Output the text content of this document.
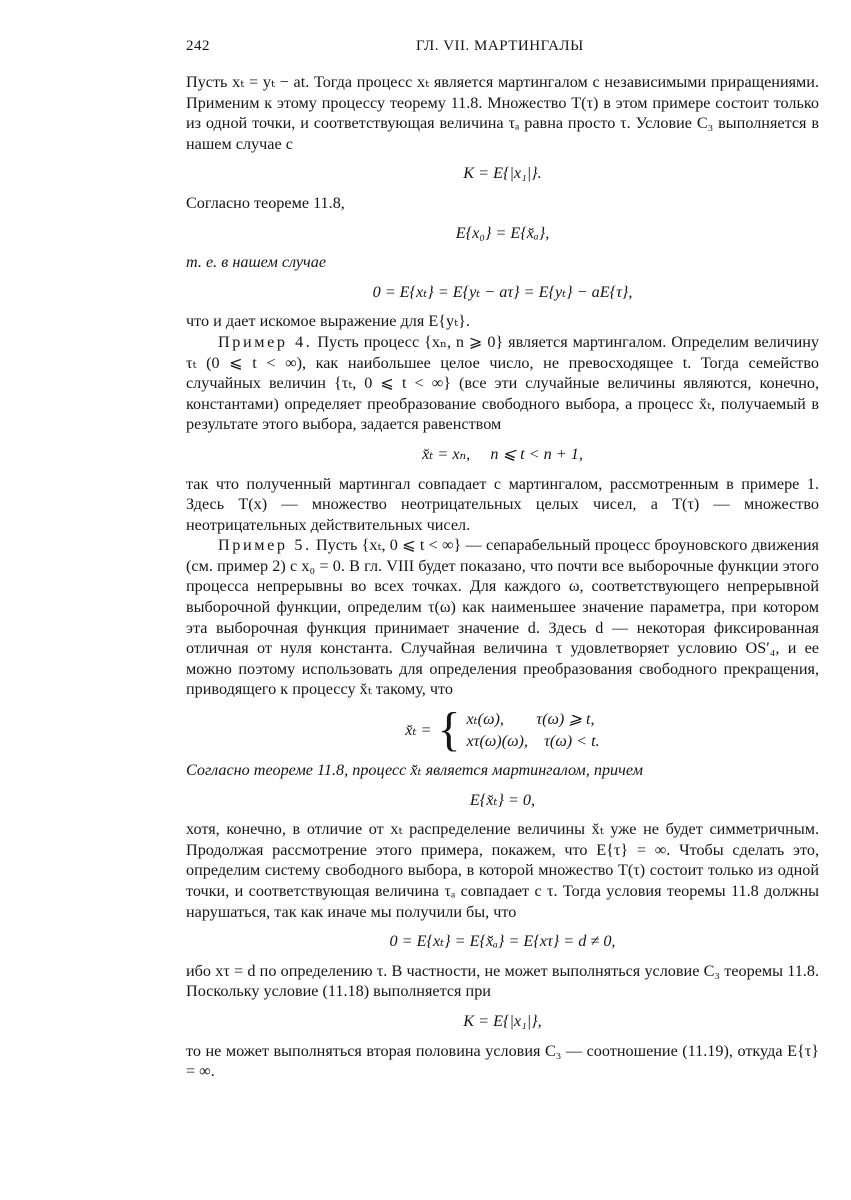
242	ГЛ. VII. МАРТИНГАЛЫ

Пусть xₜ = yₜ − at. Тогда процесс xₜ является мартингалом с независимыми приращениями. Применим к этому процессу теорему 11.8. Множество T(τ) в этом примере состоит только из одной точки, и соответствующая величина τₐ равна просто τ. Условие C₃ выполняется в нашем случае с

K = E{|x₁|}.

Согласно теореме 11.8,

E{x₀} = E{x̆ₐ},

т. е. в нашем случае

0 = E{xₜ} = E{yₜ − aτ} = E{yₜ} − aE{τ},

что и дает искомое выражение для E{yₜ}.

Пример 4. Пусть процесс {xₙ, n ⩾ 0} является мартингалом. Определим величину τₜ (0 ⩽ t < ∞), как наибольшее целое число, не превосходящее t. Тогда семейство случайных величин {τₜ, 0 ⩽ t < ∞} (все эти случайные величины являются, конечно, константами) определяет преобразование свободного выбора, а процесс x̆ₜ, получаемый в результате этого выбора, задается равенством

x̆ₜ = xₙ,     n ⩽ t < n + 1,

так что полученный мартингал совпадает с мартингалом, рассмотренным в примере 1. Здесь T(x) — множество неотрицательных целых чисел, а T(τ) — множество неотрицательных действительных чисел.

Пример 5. Пусть {xₜ, 0 ⩽ t < ∞} — сепарабельный процесс броуновского движения (см. пример 2) с x₀ = 0. В гл. VIII будет показано, что почти все выборочные функции этого процесса непрерывны во всех точках. Для каждого ω, соответствующего непрерывной выборочной функции, определим τ(ω) как наименьшее значение параметра, при котором эта выборочная функция принимает значение d. Здесь d — некоторая фиксированная отличная от нуля константа. Случайная величина τ удовлетворяет условию OS′₄, и ее можно поэтому использовать для определения преобразования свободного прекращения, приводящего к процессу x̆ₜ такому, что

x̆ₜ = { xₜ(ω),        τ(ω) ⩾ t,
xτ(ω)(ω),    τ(ω) < t.

Согласно теореме 11.8, процесс x̆̆ₜ является мартингалом, причем

E{x̆ₜ} = 0,

хотя, конечно, в отличие от xₜ распределение величины x̆ₜ уже не будет симметричным. Продолжая рассмотрение этого примера, покажем, что E{τ} = ∞. Чтобы сделать это, определим систему свободного выбора, в которой множество T(τ) состоит только из одной точки, и соответствующая величина τₐ совпадает с τ. Тогда условия теоремы 11.8 должны нарушаться, так как иначе мы получили бы, что

0 = E{xₜ} = E{x̆̆ₐ} = E{xτ} = d ≠ 0,

ибо xτ = d по определению τ. В частности, не может выполняться условие C₃ теоремы 11.8. Поскольку условие (11.18) выполняется при

K = E{|x₁|},

то не может выполняться вторая половина условия C₃ — соотношение (11.19), откуда E{τ} = ∞.
